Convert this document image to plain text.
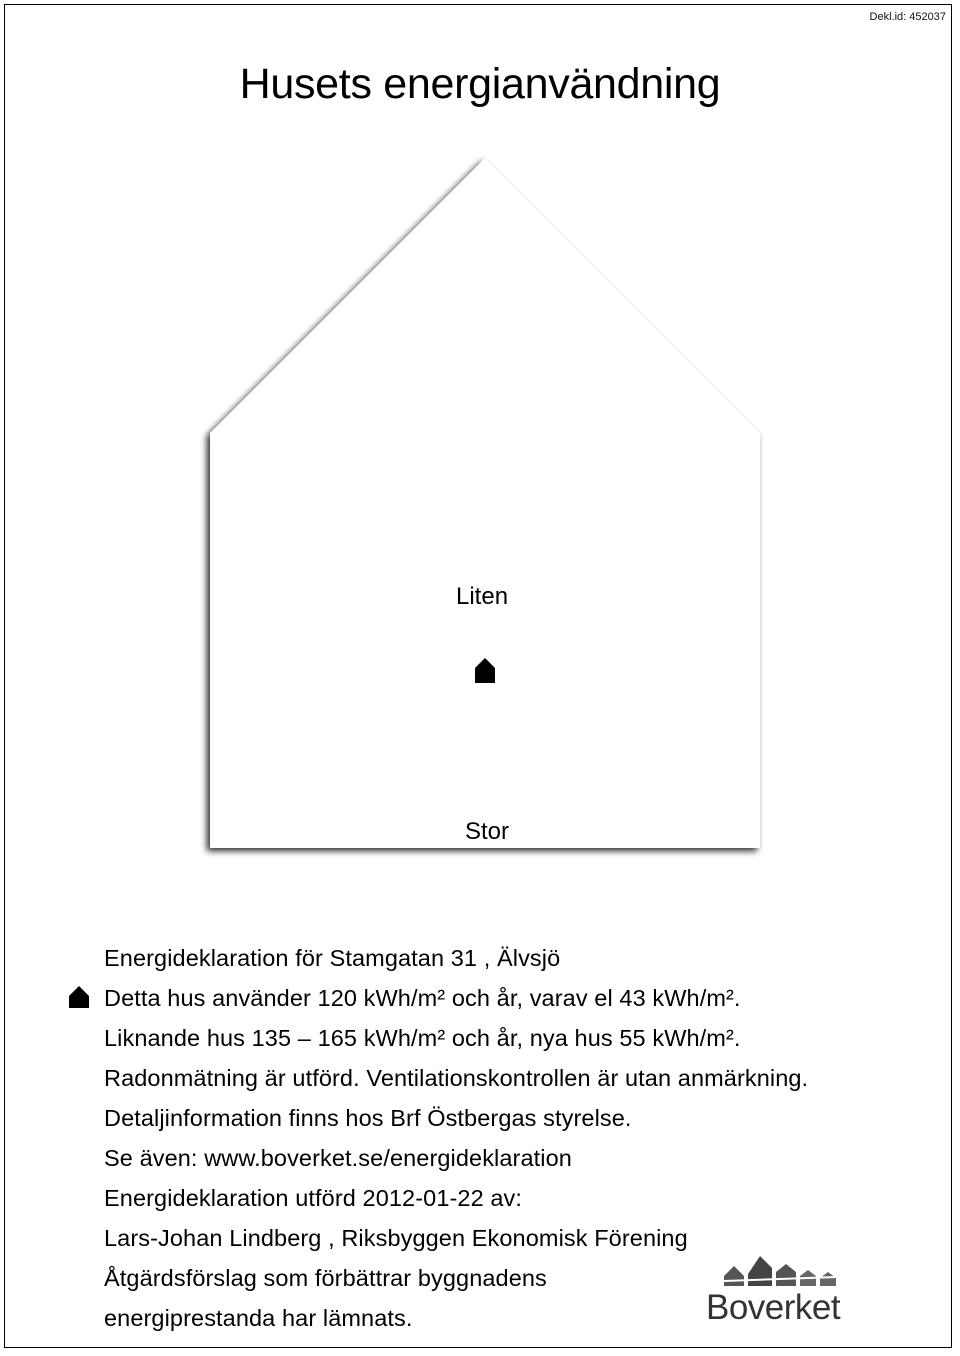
Dekl.id: 452037
Husets energianvändning
Liten
Stor
Energideklaration för Stamgatan 31 , Älvsjö
Detta hus använder 120 kWh/m² och år, varav el 43 kWh/m².
Liknande hus 135 – 165 kWh/m² och år, nya hus 55 kWh/m².
Radonmätning är utförd. Ventilationskontrollen är utan anmärkning.
Detaljinformation finns hos Brf Östbergas styrelse.
Se även: www.boverket.se/energideklaration
Energideklaration utförd 2012-01-22 av:
Lars-Johan Lindberg , Riksbyggen Ekonomisk Förening
Åtgärdsförslag som förbättrar byggnadens
energiprestanda har lämnats.	Boverket
